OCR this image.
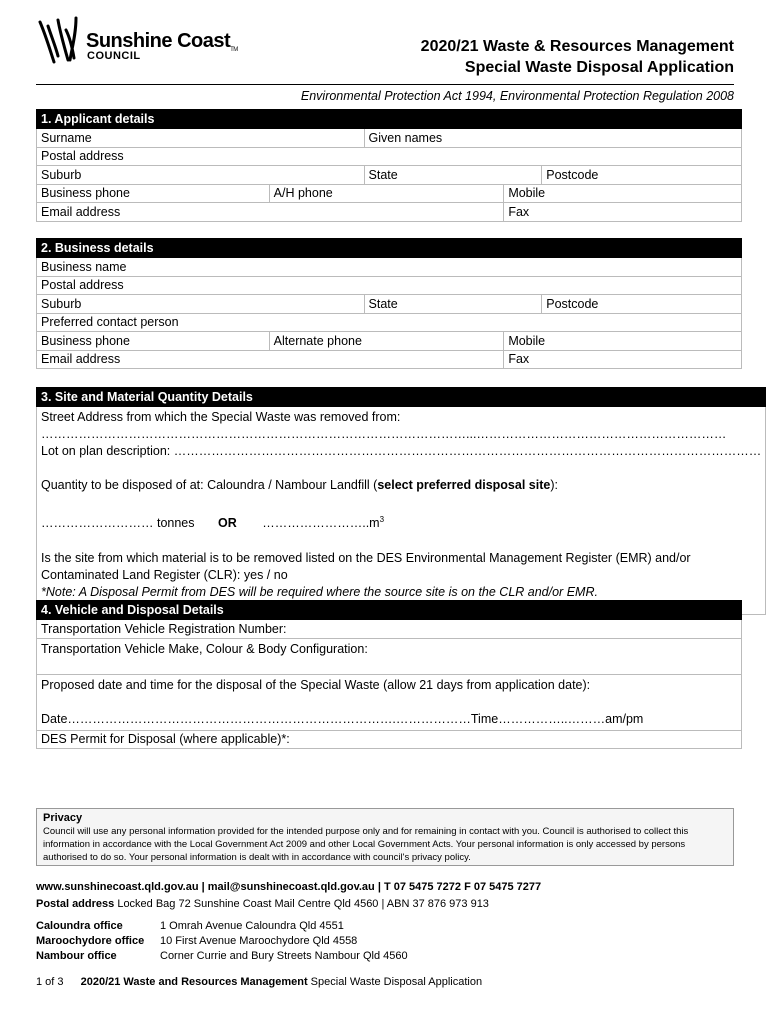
Sunshine CoastTM
COUNCIL
2020/21 Waste & Resources Management
Special Waste Disposal Application
Environmental Protection Act 1994, Environmental Protection Regulation 2008
1. Applicant details				
Surname		Given names		
Postal address				
Suburb		State		Postcode
Business phone	A/H phone		Mobile	
Email address			Fax	
2. Business details				
Business name				
Postal address				
Suburb		State		Postcode
Preferred contact person				
Business phone	Alternate phone		Mobile	
Email address			Fax	
3. Site and Material Quantity Details

Street Address from which the Special Waste was removed from:
…………………………………………………………………………………………...……………………………………………………
Lot on plan description: ……………………………………………………………………………………………………………………………
Quantity to be disposed of at: Caloundra / Nambour Landfill (select preferred disposal site):
……………………… tonnes OR $\dots\dots\dots\dots\dots\dots\dots\dots..m^3$
Is the site from which material is to be removed listed on the DES Environmental Management Register (EMR) and/or
Contaminated Land Register (CLR): yes / no
*Note: A Disposal Permit from DES will be required where the source site is on the CLR and/or EMR.
4. Vehicle and Disposal Details
Transportation Vehicle Registration Number:
Transportation Vehicle Make, Colour & Body Configuration:

Proposed date and time for the disposal of the Special Waste (allow 21 days from application date):
Date…………………………………………………………………….………………Time……………..………am/pm

DES Permit for Disposal (where applicable)*:
Privacy
Council will use any personal information provided for the intended purpose only and for remaining in contact with you. Council is authorised to collect this information in accordance with the Local Government Act 2009 and other Local Government Acts. Your personal information is only accessed by persons authorised to do so. Your personal information is dealt with in accordance with council's privacy policy.
www.sunshinecoast.qld.gov.au | mail@sunshinecoast.qld.gov.au | T 07 5475 7272 F 07 5475 7277
Postal address Locked Bag 72 Sunshine Coast Mail Centre Qld 4560 | ABN 37 876 973 913
Caloundra office	1 Omrah Avenue Caloundra Qld 4551
Maroochydore office	10 First Avenue Maroochydore Qld 4558
Nambour office	Corner Currie and Bury Streets Nambour Qld 4560
1 of 3 2020/21 Waste and Resources Management Special Waste Disposal Application
